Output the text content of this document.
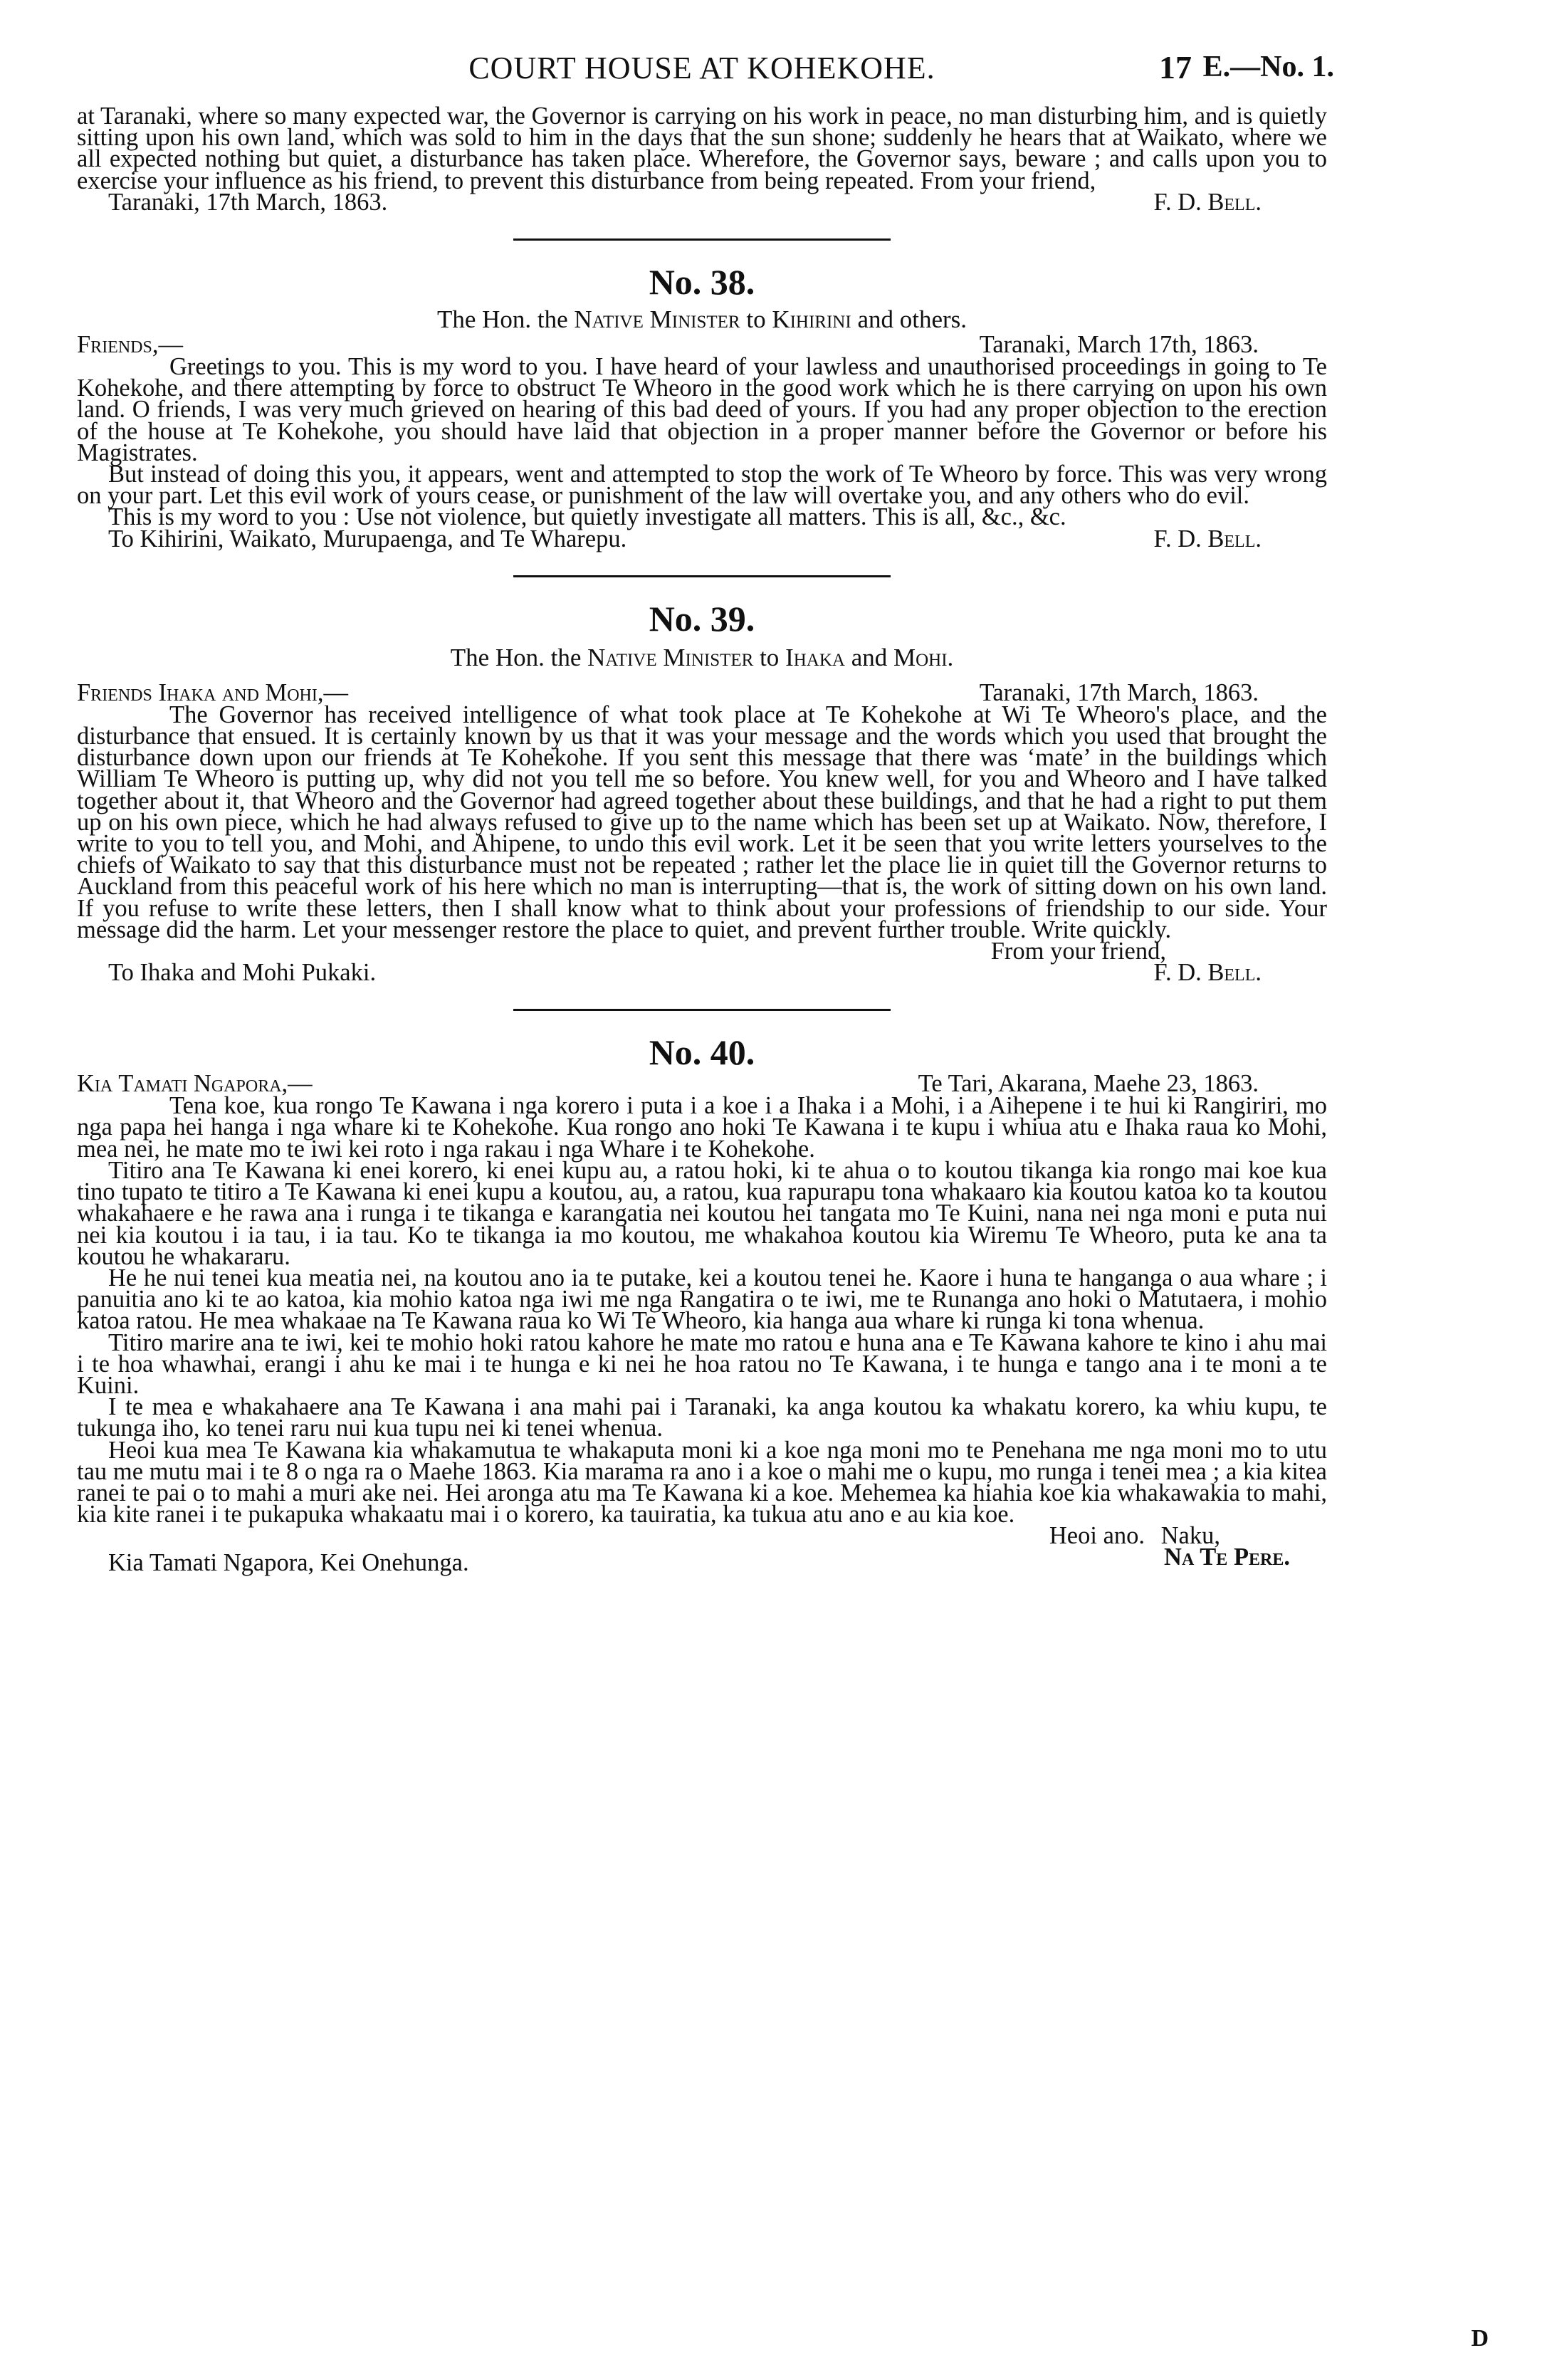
COURT HOUSE AT KOHEKOHE.	17 E.—No. 1.

at Taranaki, where so many expected war, the Governor is carrying on his work in peace, no man disturbing him, and is quietly sitting upon his own land, which was sold to him in the days that the sun shone; suddenly he hears that at Waikato, where we all expected nothing but quiet, a disturbance has taken place. Wherefore, the Governor says, beware ; and calls upon you to exercise your influence as his friend, to prevent this disturbance from being repeated. From your friend,

Taranaki, 17th March, 1863.	F. D. Bell.
No. 38.
The Hon. the Native Minister to Kihirini and others.
Friends,—	Taranaki, March 17th, 1863.

Greetings to you. This is my word to you. I have heard of your lawless and unauthorised proceedings in going to Te Kohekohe, and there attempting by force to obstruct Te Wheoro in the good work which he is there carrying on upon his own land. O friends, I was very much grieved on hearing of this bad deed of yours. If you had any proper objection to the erection of the house at Te Kohekohe, you should have laid that objection in a proper manner before the Governor or before his Magistrates.

But instead of doing this you, it appears, went and attempted to stop the work of Te Wheoro by force. This was very wrong on your part. Let this evil work of yours cease, or punishment of the law will overtake you, and any others who do evil.

This is my word to you : Use not violence, but quietly investigate all matters. This is all, &c., &c.

To Kihirini, Waikato, Murupaenga, and Te Wharepu.	F. D. Bell.
No. 39.
The Hon. the Native Minister to Ihaka and Mohi.
Friends Ihaka and Mohi,—	Taranaki, 17th March, 1863.

The Governor has received intelligence of what took place at Te Kohekohe at Wi Te Wheoro's place, and the disturbance that ensued. It is certainly known by us that it was your message and the words which you used that brought the disturbance down upon our friends at Te Kohekohe. If you sent this message that there was ‘mate’ in the buildings which William Te Wheoro is putting up, why did not you tell me so before. You knew well, for you and Wheoro and I have talked together about it, that Wheoro and the Governor had agreed together about these buildings, and that he had a right to put them up on his own piece, which he had always refused to give up to the name which has been set up at Waikato. Now, therefore, I write to you to tell you, and Mohi, and Ahipene, to undo this evil work. Let it be seen that you write letters yourselves to the chiefs of Waikato to say that this disturbance must not be repeated ; rather let the place lie in quiet till the Governor returns to Auckland from this peaceful work of his here which no man is interrupting—that is, the work of sitting down on his own land. If you refuse to write these letters, then I shall know what to think about your professions of friendship to our side. Your message did the harm. Let your messenger restore the place to quiet, and prevent further trouble. Write quickly.

From your friend,
To Ihaka and Mohi Pukaki.	F. D. Bell.
No. 40.
Kia Tamati Ngapora,—	Te Tari, Akarana, Maehe 23, 1863.

Tena koe, kua rongo Te Kawana i nga korero i puta i a koe i a Ihaka i a Mohi, i a Aihepene i te hui ki Rangiriri, mo nga papa hei hanga i nga whare ki te Kohekohe. Kua rongo ano hoki Te Kawana i te kupu i whiua atu e Ihaka raua ko Mohi, mea nei, he mate mo te iwi kei roto i nga rakau i nga Whare i te Kohekohe.

Titiro ana Te Kawana ki enei korero, ki enei kupu au, a ratou hoki, ki te ahua o to koutou tikanga kia rongo mai koe kua tino tupato te titiro a Te Kawana ki enei kupu a koutou, au, a ratou, kua rapurapu tona whakaaro kia koutou katoa ko ta koutou whakahaere e he rawa ana i runga i te tikanga e karangatia nei koutou hei tangata mo Te Kuini, nana nei nga moni e puta nui nei kia koutou i ia tau, i ia tau. Ko te tikanga ia mo koutou, me whakahoa koutou kia Wiremu Te Wheoro, puta ke ana ta koutou he whakararu.

He he nui tenei kua meatia nei, na koutou ano ia te putake, kei a koutou tenei he. Kaore i huna te hanganga o aua whare ; i panuitia ano ki te ao katoa, kia mohio katoa nga iwi me nga Rangatira o te iwi, me te Runanga ano hoki o Matutaera, i mohio katoa ratou. He mea whakaae na Te Kawana raua ko Wi Te Wheoro, kia hanga aua whare ki runga ki tona whenua.

Titiro marire ana te iwi, kei te mohio hoki ratou kahore he mate mo ratou e huna ana e Te Kawana kahore te kino i ahu mai i te hoa whawhai, erangi i ahu ke mai i te hunga e ki nei he hoa ratou no Te Kawana, i te hunga e tango ana i te moni a te Kuini.

I te mea e whakahaere ana Te Kawana i ana mahi pai i Taranaki, ka anga koutou ka whakatu korero, ka whiu kupu, te tukunga iho, ko tenei raru nui kua tupu nei ki tenei whenua.

Heoi kua mea Te Kawana kia whakamutua te whakaputa moni ki a koe nga moni mo te Penehana me nga moni mo to utu tau me mutu mai i te 8 o nga ra o Maehe 1863. Kia marama ra ano i a koe o mahi me o kupu, mo runga i tenei mea ; a kia kitea ranei te pai o to mahi a muri ake nei. Hei aronga atu ma Te Kawana ki a koe. Mehemea ka hiahia koe kia whakawakia to mahi, kia kite ranei i te pukapuka whakaatu mai i o korero, ka tauiratia, ka tukua atu ano e au kia koe.

Heoi ano. Naku,
Kia Tamati Ngapora, Kei Onehunga.	Na Te Pere.
D
